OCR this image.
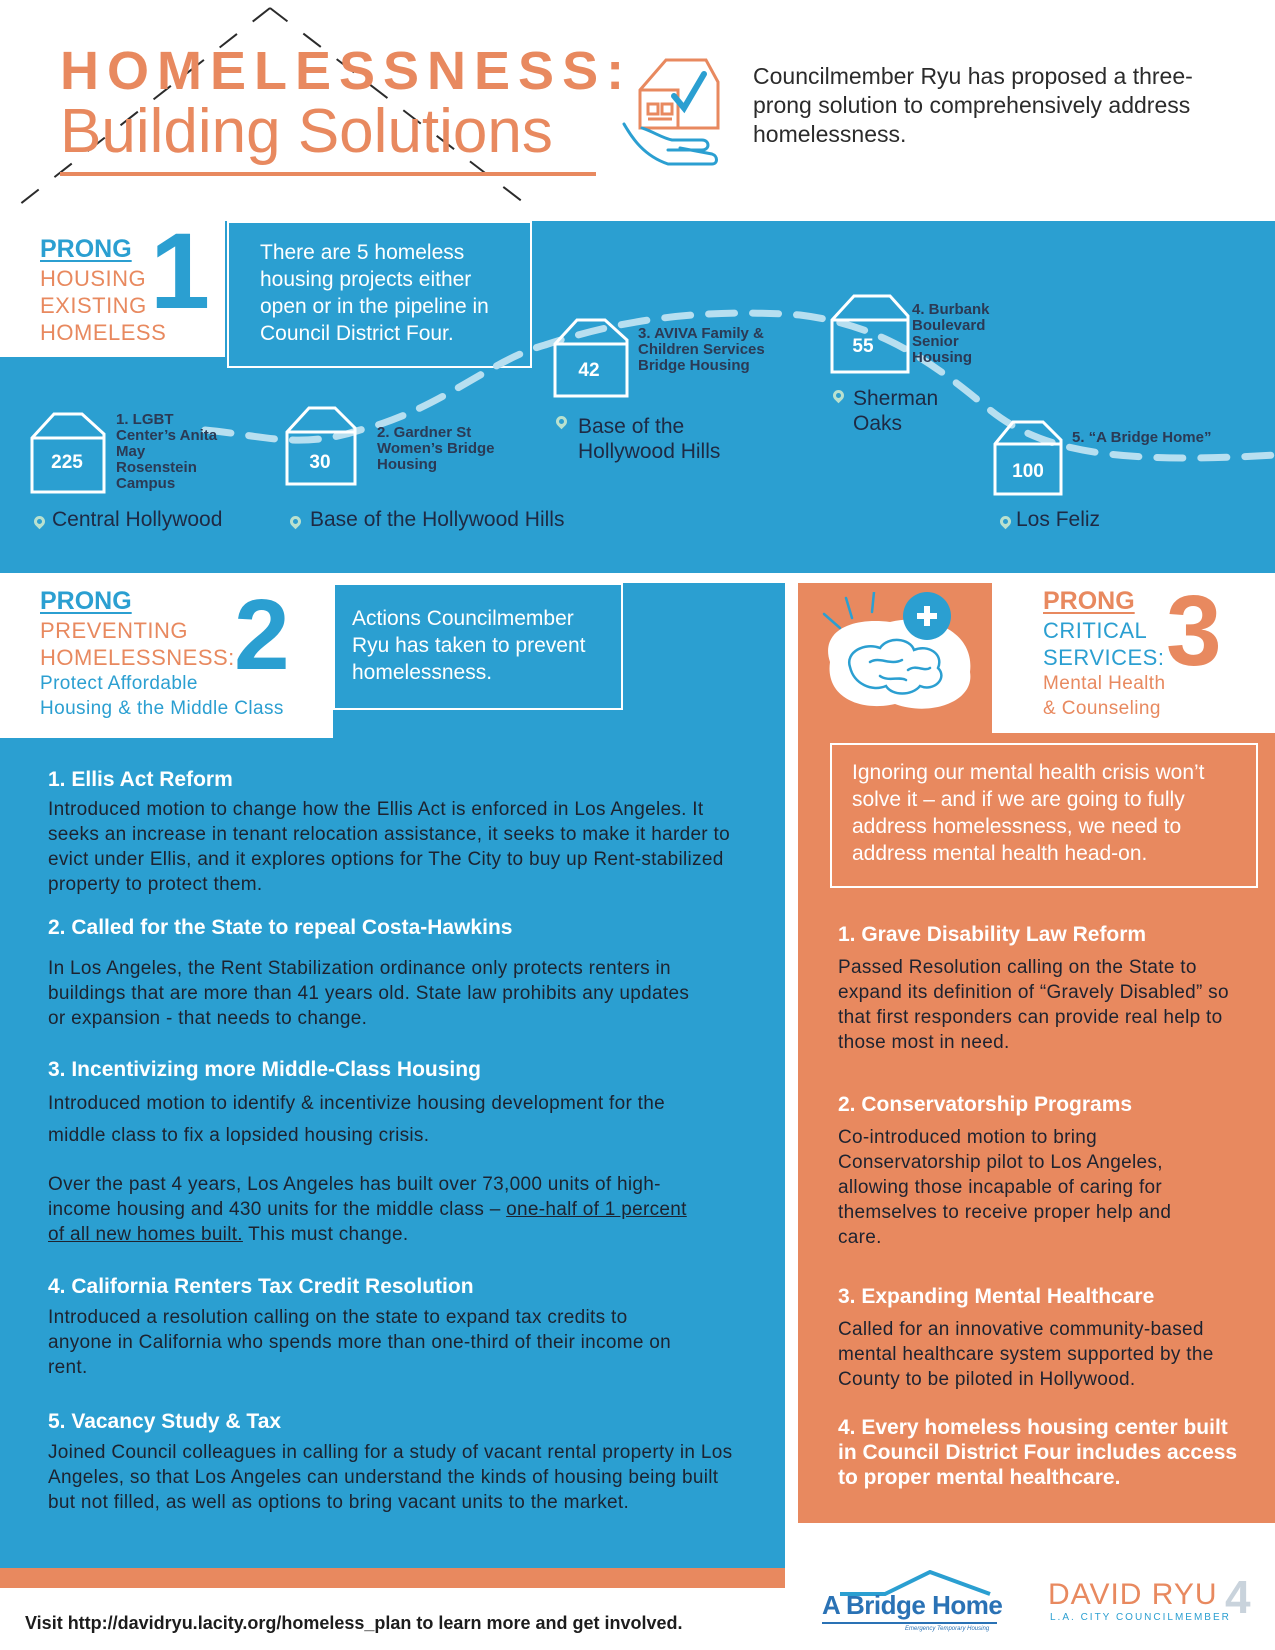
HOMELESSNESS:
Building Solutions
Councilmember Ryu has proposed a three-prong solution to comprehensively address homelessness.
PRONG
HOUSING
EXISTING
HOMELESS
1 There are 5 homeless housing projects either open or in the pipeline in Council District Four.
225
1. LGBT Center’s Anita May Rosenstein Campus
Central Hollywood
30
2. Gardner St Women’s Bridge Housing
Base of the Hollywood Hills
42
3. AVIVA Family & Children Services Bridge Housing
Base of the Hollywood Hills
55
4. Burbank Boulevard Senior Housing
Sherman Oaks
100
5. “A Bridge Home”
Los Feliz
PRONG
PREVENTING
HOMELESSNESS:
Protect Affordable
Housing & the Middle Class
2	Actions Councilmember Ryu has taken to prevent homelessness.
1. Ellis Act Reform
Introduced motion to change how the Ellis Act is enforced in Los Angeles. It seeks an increase in tenant relocation assistance, it seeks to make it harder to evict under Ellis, and it explores options for The City to buy up Rent-stabilized property to protect them.
2. Called for the State to repeal Costa-Hawkins
In Los Angeles, the Rent Stabilization ordinance only protects renters in buildings that are more than 41 years old. State law prohibits any updates or expansion - that needs to change.
3. Incentivizing more Middle-Class Housing
Introduced motion to identify & incentivize housing development for the middle class to fix a lopsided housing crisis.
Over the past 4 years, Los Angeles has built over 73,000 units of high-income housing and 430 units for the middle class – one-half of 1 percent of all new homes built. This must change.
4. California Renters Tax Credit Resolution
Introduced a resolution calling on the state to expand tax credits to anyone in California who spends more than one-third of their income on rent.
5. Vacancy Study & Tax
Joined Council colleagues in calling for a study of vacant rental property in Los Angeles, so that Los Angeles can understand the kinds of housing being built but not filled, as well as options to bring vacant units to the market.
PRONG
CRITICAL
SERVICES:
Mental Health
& Counseling
3
Ignoring our mental health crisis won’t solve it – and if we are going to fully address homelessness, we need to address mental health head-on.
1. Grave Disability Law Reform
Passed Resolution calling on the State to expand its definition of “Gravely Disabled” so that first responders can provide real help to those most in need.
2. Conservatorship Programs
Co-introduced motion to bring Conservatorship pilot to Los Angeles, allowing those incapable of caring for themselves to receive proper help and care.
3. Expanding Mental Healthcare
Called for an innovative community-based mental healthcare system supported by the County to be piloted in Hollywood.
4. Every homeless housing center built in Council District Four includes access to proper mental healthcare.
Visit http://davidryu.lacity.org/homeless_plan to learn more and get involved.
A Bridge Home
Emergency Temporary Housing
DAVID RYU
L.A. CITY COUNCILMEMBER
4
